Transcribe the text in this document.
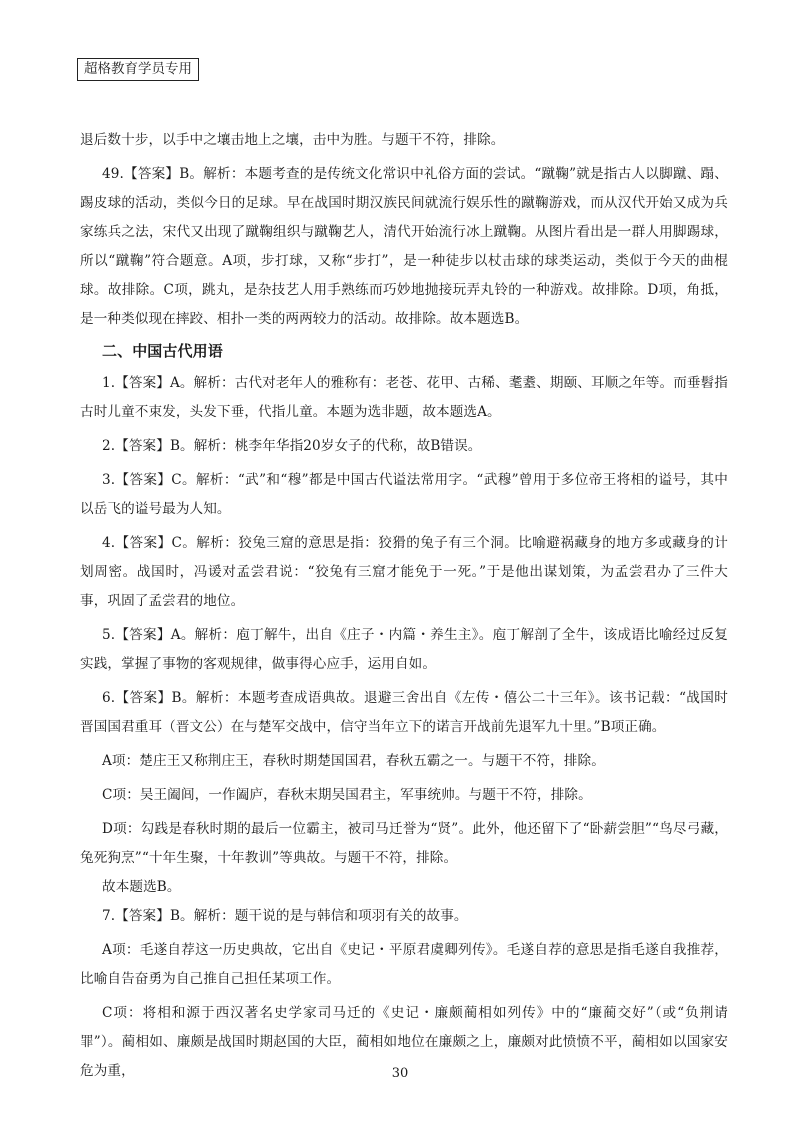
超格教育学员专用

退后数十步，以手中之壤击地上之壤，击中为胜。与题干不符，排除。

49.【答案】B。解析：本题考查的是传统文化常识中礼俗方面的尝试。“蹴鞠”就是指古人以脚蹴、蹋、踢皮球的活动，类似今日的足球。早在战国时期汉族民间就流行娱乐性的蹴鞠游戏，而从汉代开始又成为兵家练兵之法，宋代又出现了蹴鞠组织与蹴鞠艺人，清代开始流行冰上蹴鞠。从图片看出是一群人用脚踢球，所以“蹴鞠”符合题意。A项，步打球，又称“步打”，是一种徒步以杖击球的球类运动，类似于今天的曲棍球。故排除。C项，跳丸，是杂技艺人用手熟练而巧妙地抛接玩弄丸铃的一种游戏。故排除。D项，角抵，是一种类似现在摔跤、相扑一类的两两较力的活动。故排除。故本题选B。

二、中国古代用语

1.【答案】A。解析：古代对老年人的雅称有：老苍、花甲、古稀、耄耋、期颐、耳顺之年等。而垂髫指古时儿童不束发，头发下垂，代指儿童。本题为选非题，故本题选A。

2.【答案】B。解析：桃李年华指20岁女子的代称，故B错误。

3.【答案】C。解析：“武”和“穆”都是中国古代谥法常用字。“武穆”曾用于多位帝王将相的谥号，其中以岳飞的谥号最为人知。

4.【答案】C。解析：狡兔三窟的意思是指：狡猾的兔子有三个洞。比喻避祸藏身的地方多或藏身的计划周密。战国时，冯谖对孟尝君说：“狡兔有三窟才能免于一死。”于是他出谋划策，为孟尝君办了三件大事，巩固了孟尝君的地位。

5.【答案】A。解析：庖丁解牛，出自《庄子・内篇・养生主》。庖丁解剖了全牛，该成语比喻经过反复实践，掌握了事物的客观规律，做事得心应手，运用自如。

6.【答案】B。解析：本题考查成语典故。退避三舍出自《左传・僖公二十三年》。该书记载：“战国时晋国国君重耳（晋文公）在与楚军交战中，信守当年立下的诺言开战前先退军九十里。”B项正确。

A项：楚庄王又称荆庄王，春秋时期楚国国君，春秋五霸之一。与题干不符，排除。

C项：吴王阖闾，一作阖庐，春秋末期吴国君主，军事统帅。与题干不符，排除。

D项：勾践是春秋时期的最后一位霸主，被司马迁誉为“贤”。此外，他还留下了“卧薪尝胆”“鸟尽弓藏，兔死狗烹”“十年生聚，十年教训”等典故。与题干不符，排除。

故本题选B。

7.【答案】B。解析：题干说的是与韩信和项羽有关的故事。

A项：毛遂自荐这一历史典故，它出自《史记・平原君虞卿列传》。毛遂自荐的意思是指毛遂自我推荐，比喻自告奋勇为自己推自己担任某项工作。

C项：将相和源于西汉著名史学家司马迁的《史记・廉颇蔺相如列传》中的“廉蔺交好”（或“负荆请罪”）。蔺相如、廉颇是战国时期赵国的大臣，蔺相如地位在廉颇之上，廉颇对此愤愤不平，蔺相如以国家安危为重，	30
